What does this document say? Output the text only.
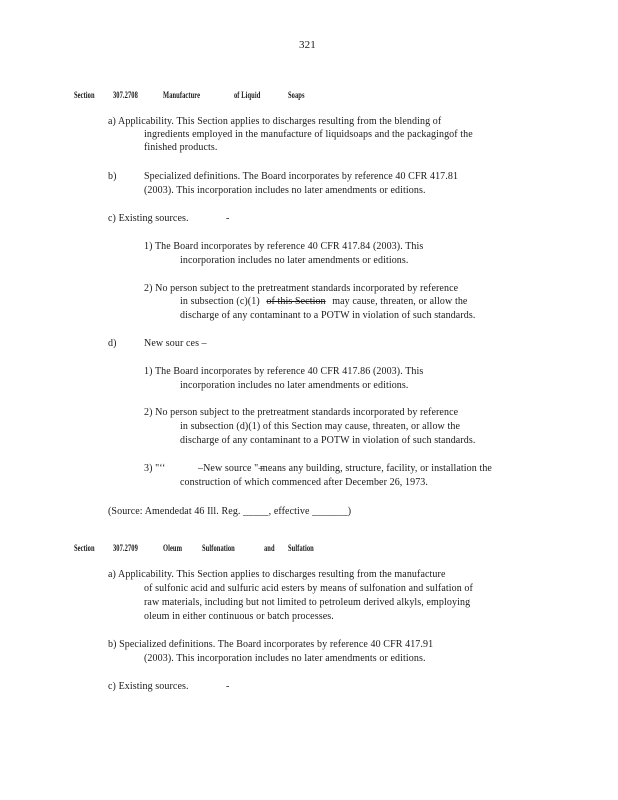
321
Section 307.2708	Manufacture	of Liquid	Soaps
a) Applicability. This Section applies to discharges resulting from the blending of
ingredients employed in the manufacture of liquidsoaps and the packagingof the
finished products.
b)	Specialized definitions. The Board incorporates by reference 40 CFR 417.81
(2003). This incorporation includes no later amendments or editions.
c) Existing sources.	-
1) The Board incorporates by reference 40 CFR 417.84 (2003). This
incorporation includes no later amendments or editions.
2) No person subject to the pretreatment standards incorporated by reference
in subsection (c)(1) of this Section may cause, threaten, or allow the
discharge of any contaminant to a POTW in violation of such standards.
d)	New sour ces –
1) The Board incorporates by reference 40 CFR 417.86 (2003). This
incorporation includes no later amendments or editions.
2) No person subject to the pretreatment standards incorporated by reference
in subsection (d)(1) of this Section may cause, threaten, or allow the
discharge of any contaminant to a POTW in violation of such standards.
3) "‘‘	–New source "–
means any building, structure, facility, or installation the
construction of which commenced after December 26, 1973.
(Source: Amendedat 46 Ill. Reg. _____, effective _______)
Section 307.2709	Oleum Sulfonation	and Sulfation
a) Applicability. This Section applies to discharges resulting from the manufacture
of sulfonic acid and sulfuric acid esters by means of sulfonation and sulfation of
raw materials, including but not limited to petroleum derived alkyls, employing
oleum in either continuous or batch processes.
b) Specialized definitions. The Board incorporates by reference 40 CFR 417.91
(2003). This incorporation includes no later amendments or editions.
c) Existing sources.	-
